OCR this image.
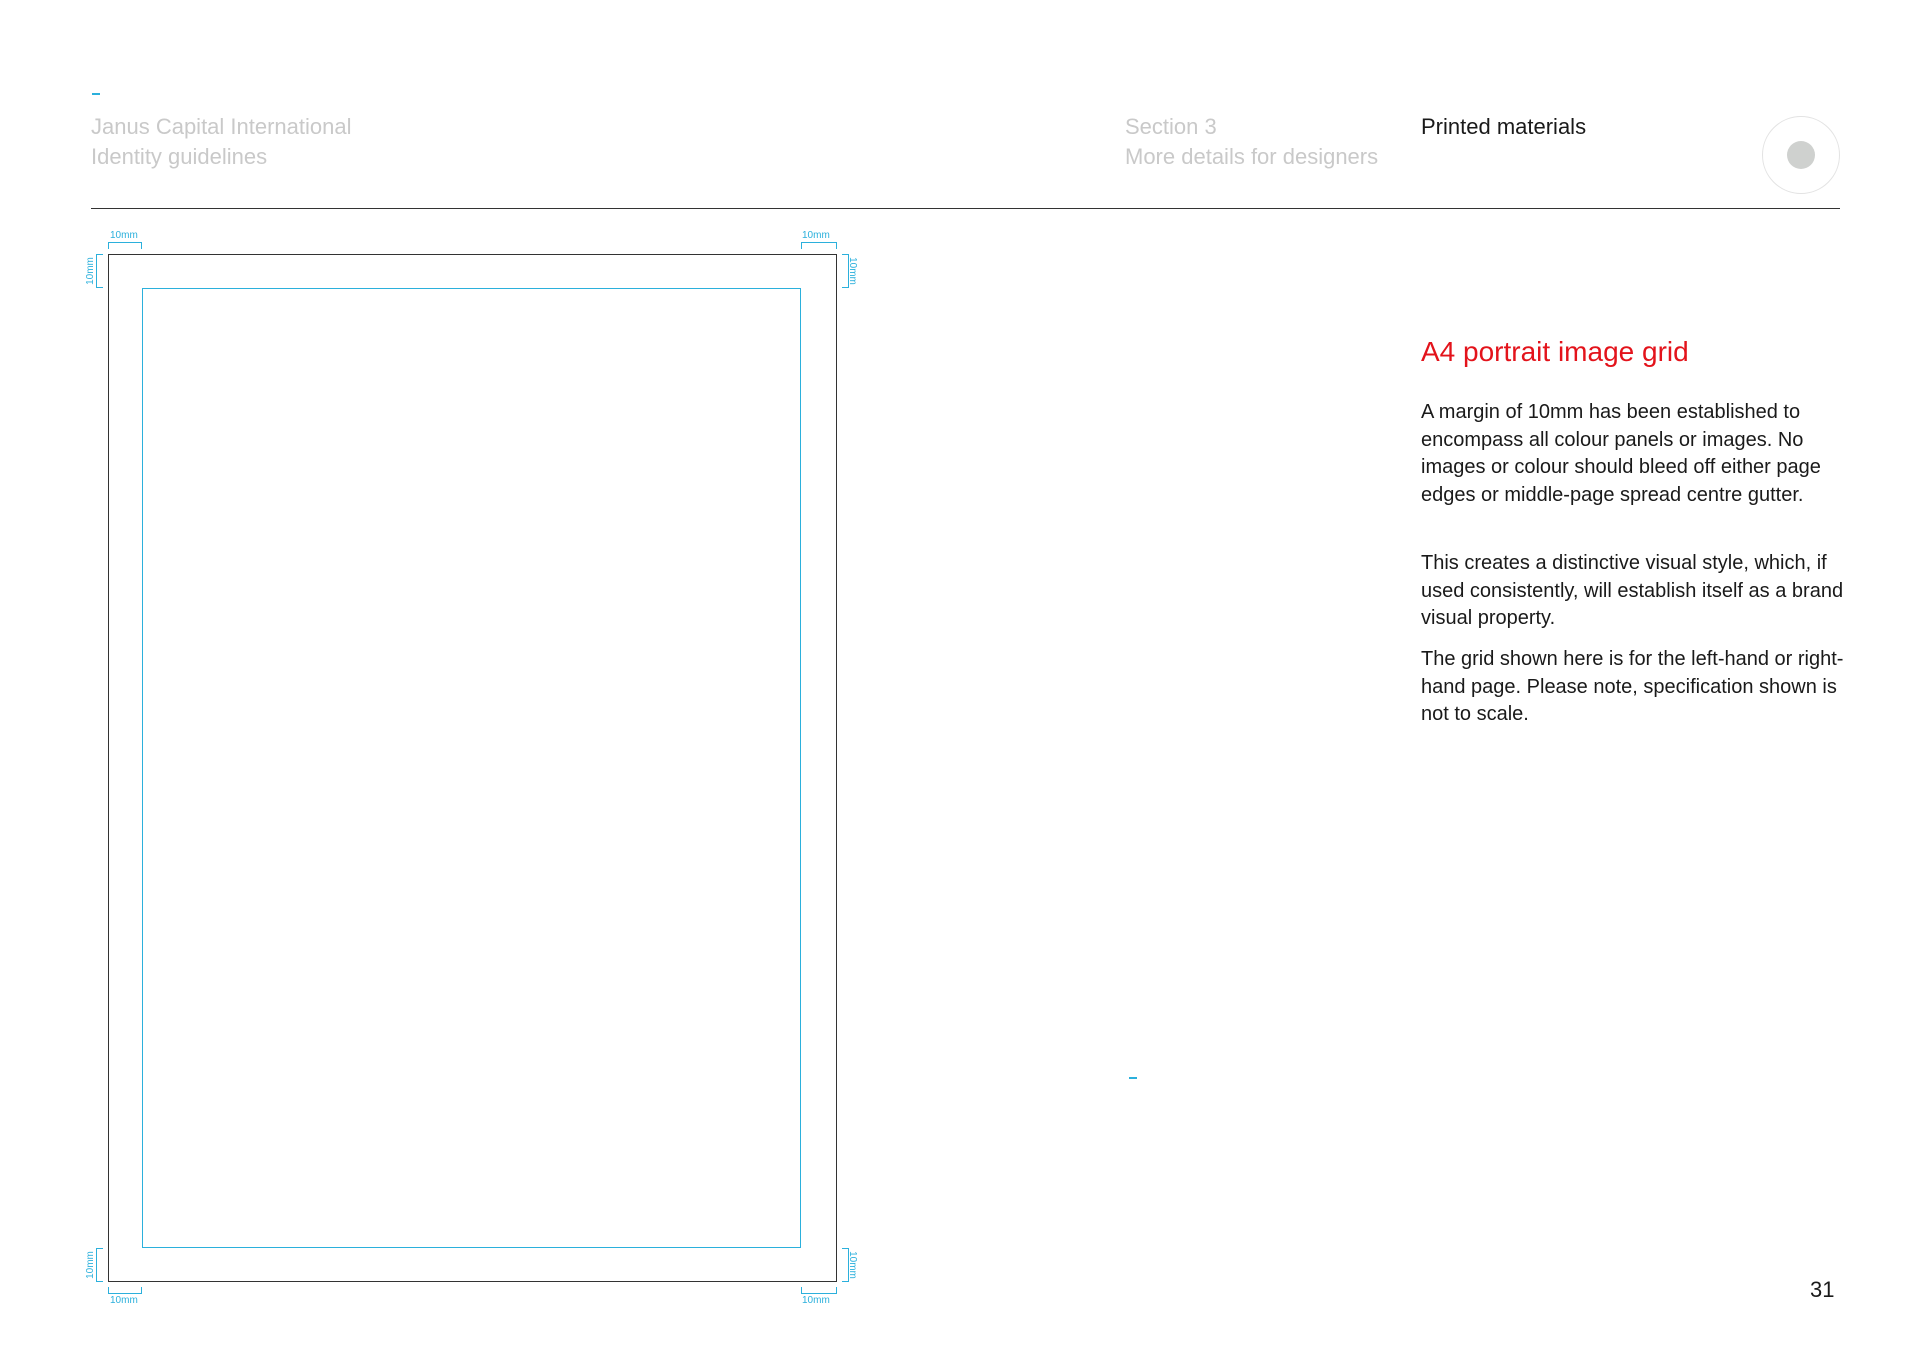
Janus Capital International
Identity guidelines
Section 3
More details for designers
Printed materials
10mm	10mm
10mm	10mm
10mm	10mm
10mm	10mm
A4 portrait image grid

A margin of 10mm has been established to encompass all colour panels or images. No images or colour should bleed off either page edges or middle-page spread centre gutter.

This creates a distinctive visual style, which, if used consistently, will establish itself as a brand visual property.

The grid shown here is for the left-hand or right-hand page. Please note, specification shown is not to scale.

31
